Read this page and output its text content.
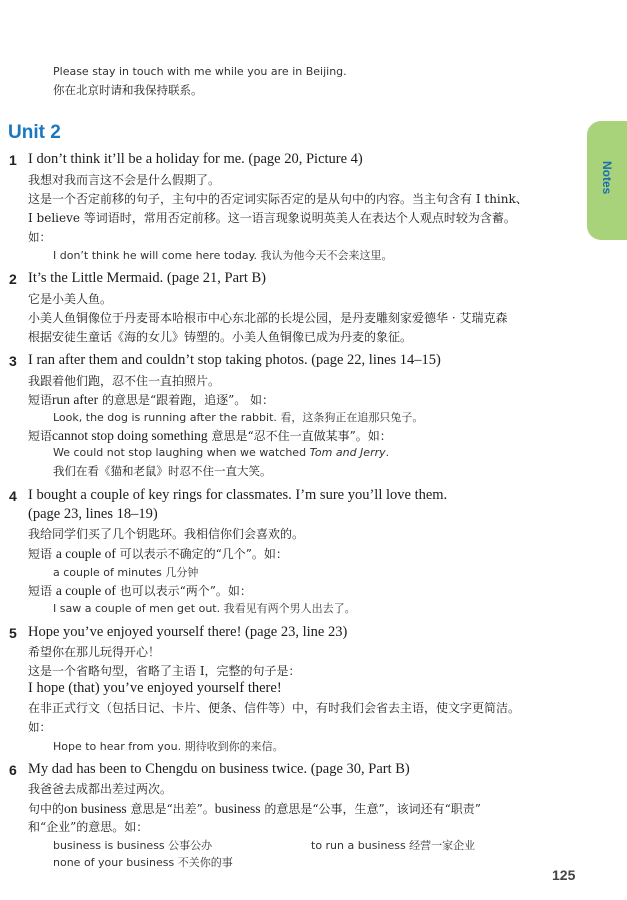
Please stay in touch with me while you are in Beijing.
你在北京时请和我保持联系。
Unit 2
Notes
1 I don’t think it’ll be a holiday for me. (page 20, Picture 4)
我想对我而言这不会是什么假期了。
这是一个否定前移的句子，主句中的否定词实际否定的是从句中的内容。当主句含有 I think、
I believe 等词语时，常用否定前移。这一语言现象说明英美人在表达个人观点时较为含蓄。
如：
I don’t think he will come here today. 我认为他今天不会来这里。
2 It’s the Little Mermaid. (page 21, Part B)
它是小美人鱼。
小美人鱼铜像位于丹麦哥本哈根市中心东北部的长堤公园，是丹麦雕刻家爱德华 · 艾瑞克森
根据安徒生童话《海的女儿》铸塑的。小美人鱼铜像已成为丹麦的象征。
3 I ran after them and couldn’t stop taking photos. (page 22, lines 14–15)
我跟着他们跑，忍不住一直拍照片。
短语run after 的意思是“跟着跑，追逐”。 如：
Look, the dog is running after the rabbit. 看，这条狗正在追那只兔子。
短语cannot stop doing something 意思是“忍不住一直做某事”。如：
We could not stop laughing when we watched Tom and Jerry.
我们在看《猫和老鼠》时忍不住一直大笑。
4 I bought a couple of key rings for classmates. I’m sure you’ll love them.
(page 23, lines 18–19)
我给同学们买了几个钥匙环。我相信你们会喜欢的。
短语 a couple of 可以表示不确定的“几个”。如：
a couple of minutes 几分钟
短语 a couple of 也可以表示“两个”。如：
I saw a couple of men get out. 我看见有两个男人出去了。
5 Hope you’ve enjoyed yourself there! (page 23, line 23)
希望你在那儿玩得开心！
这是一个省略句型，省略了主语 I，完整的句子是：
I hope (that) you’ve enjoyed yourself there!
在非正式行文（包括日记、卡片、便条、信件等）中，有时我们会省去主语，使文字更简洁。
如：
Hope to hear from you. 期待收到你的来信。
6 My dad has been to Chengdu on business twice. (page 30, Part B)
我爸爸去成都出差过两次。
句中的on business 意思是“出差”。business 的意思是“公事，生意”，该词还有“职责”
和“企业”的意思。如：
business is business 公事公办	to run a business 经营一家企业
none of your business 不关你的事
125
